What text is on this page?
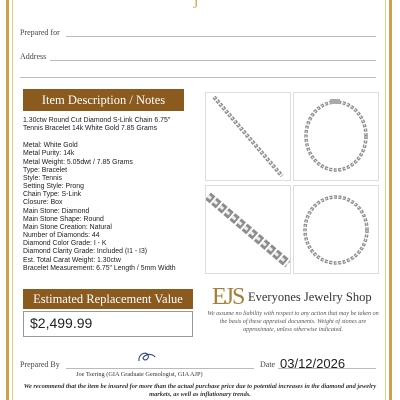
J
Prepared for
Address
Item Description / Notes
1.30ctw Round Cut Diamond S-Link Chain 6.75"
Tennis Bracelet 14k White Gold 7.85 Grams
Metal: White Gold
Metal Purity: 14k
Metal Weight: 5.05dwt / 7.85 Grams
Type: Bracelet
Style: Tennis
Setting Style: Prong
Chain Type: S-Link
Closure: Box
Main Stone: Diamond
Main Stone Shape: Round
Main Stone Creation: Natural
Number of Diamonds: 44
Diamond Color Grade: I - K
Diamond Clarity Grade: Included (I1 - I3)
Est. Total Carat Weight: 1.30ctw
Bracelet Measurement: 6.75" Length / 5mm Width
Estimated Replacement Value
$2,499.99
EJS Everyones Jewelry Shop
We assume no liability with respect to any action that may be taken on the basis of these appraisal documents. Weight of stones are approximate, unless otherwise indicated.
Prepared By	Date 03/12/2026
Joe Tsering (GIA Graduate Gemologist, GIA AJP)
We recommend that the item be insured for more than the actual purchase price due to potential increases in the diamond and jewelry markets, as well as inflationary trends.
